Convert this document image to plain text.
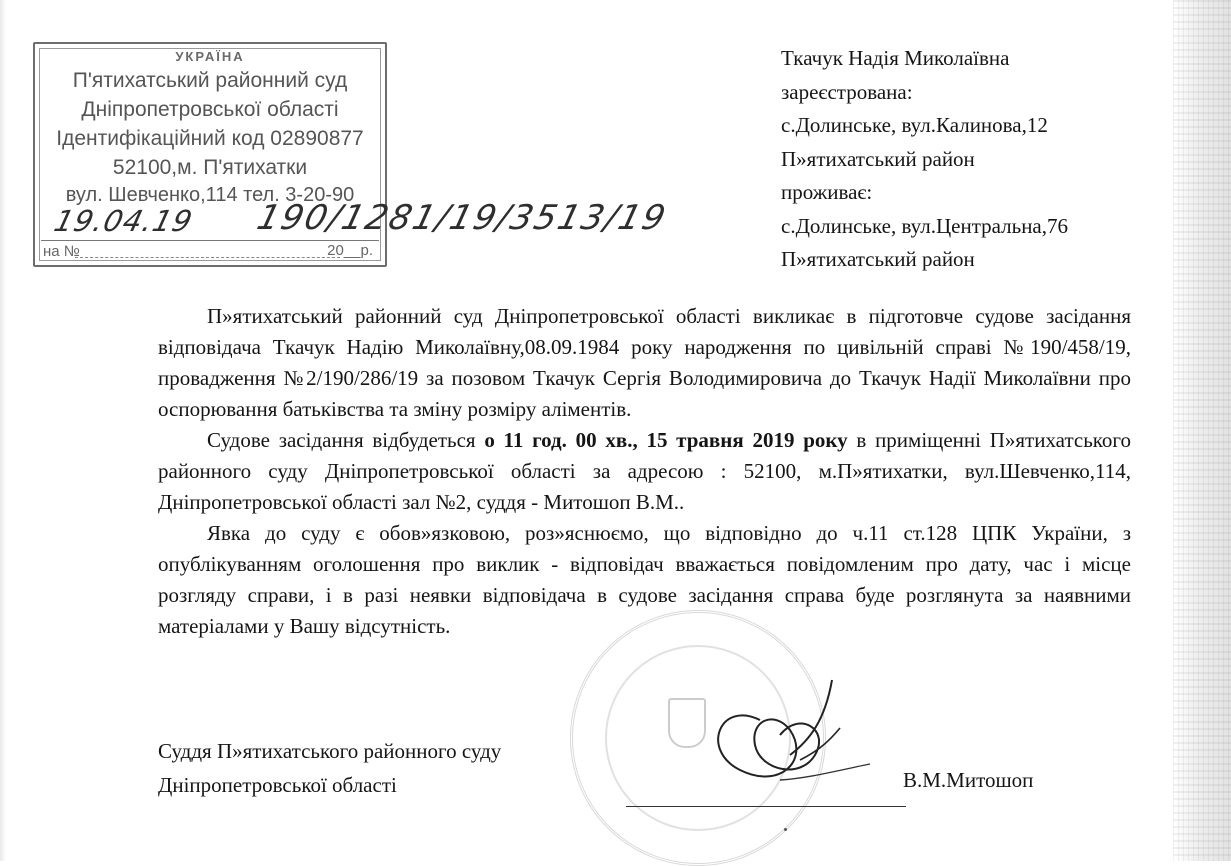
УКРАЇНА
П'ятихатський районний суд
Дніпропетровської області
Ідентифікаційний код 02890877
52100,м. П'ятихатки
вул. Шевченко,114 тел. 3-20-90
19.04.19 190/1281/19/3513/19
на №	20__р.
Ткачук Надія Миколаївна
зареєстрована:
с.Долинське, вул.Калинова,12
П»ятихатський район
проживає:
с.Долинське, вул.Центральна,76
П»ятихатський район

П»ятихатський районний суд Дніпропетровської області викликає в підготовче судове засідання відповідача Ткачук Надію Миколаївну,08.09.1984 року народження по цивільній справі №190/458/19, провадження №2/190/286/19 за позовом Ткачук Сергія Володимировича до Ткачук Надії Миколаївни про оспорювання батьківства та зміну розміру аліментів.

Судове засідання відбудеться о 11 год. 00 хв., 15 травня 2019 року в приміщенні П»ятихатського районного суду Дніпропетровської області за адресою : 52100, м.П»ятихатки, вул.Шевченко,114, Дніпропетровської області зал №2, суддя - Митошоп В.М..

Явка до суду є обов»язковою, роз»яснюємо, що відповідно до ч.11 ст.128 ЦПК України, з опублікуванням оголошення про виклик - відповідач вважається повідомленим про дату, час і місце розгляду справи, і в разі неявки відповідача в судове засідання справа буде розглянута за наявними матеріалами у Вашу відсутність.

Суддя П»ятихатського районного суду
Дніпропетровської області	В.М.Митошоп
